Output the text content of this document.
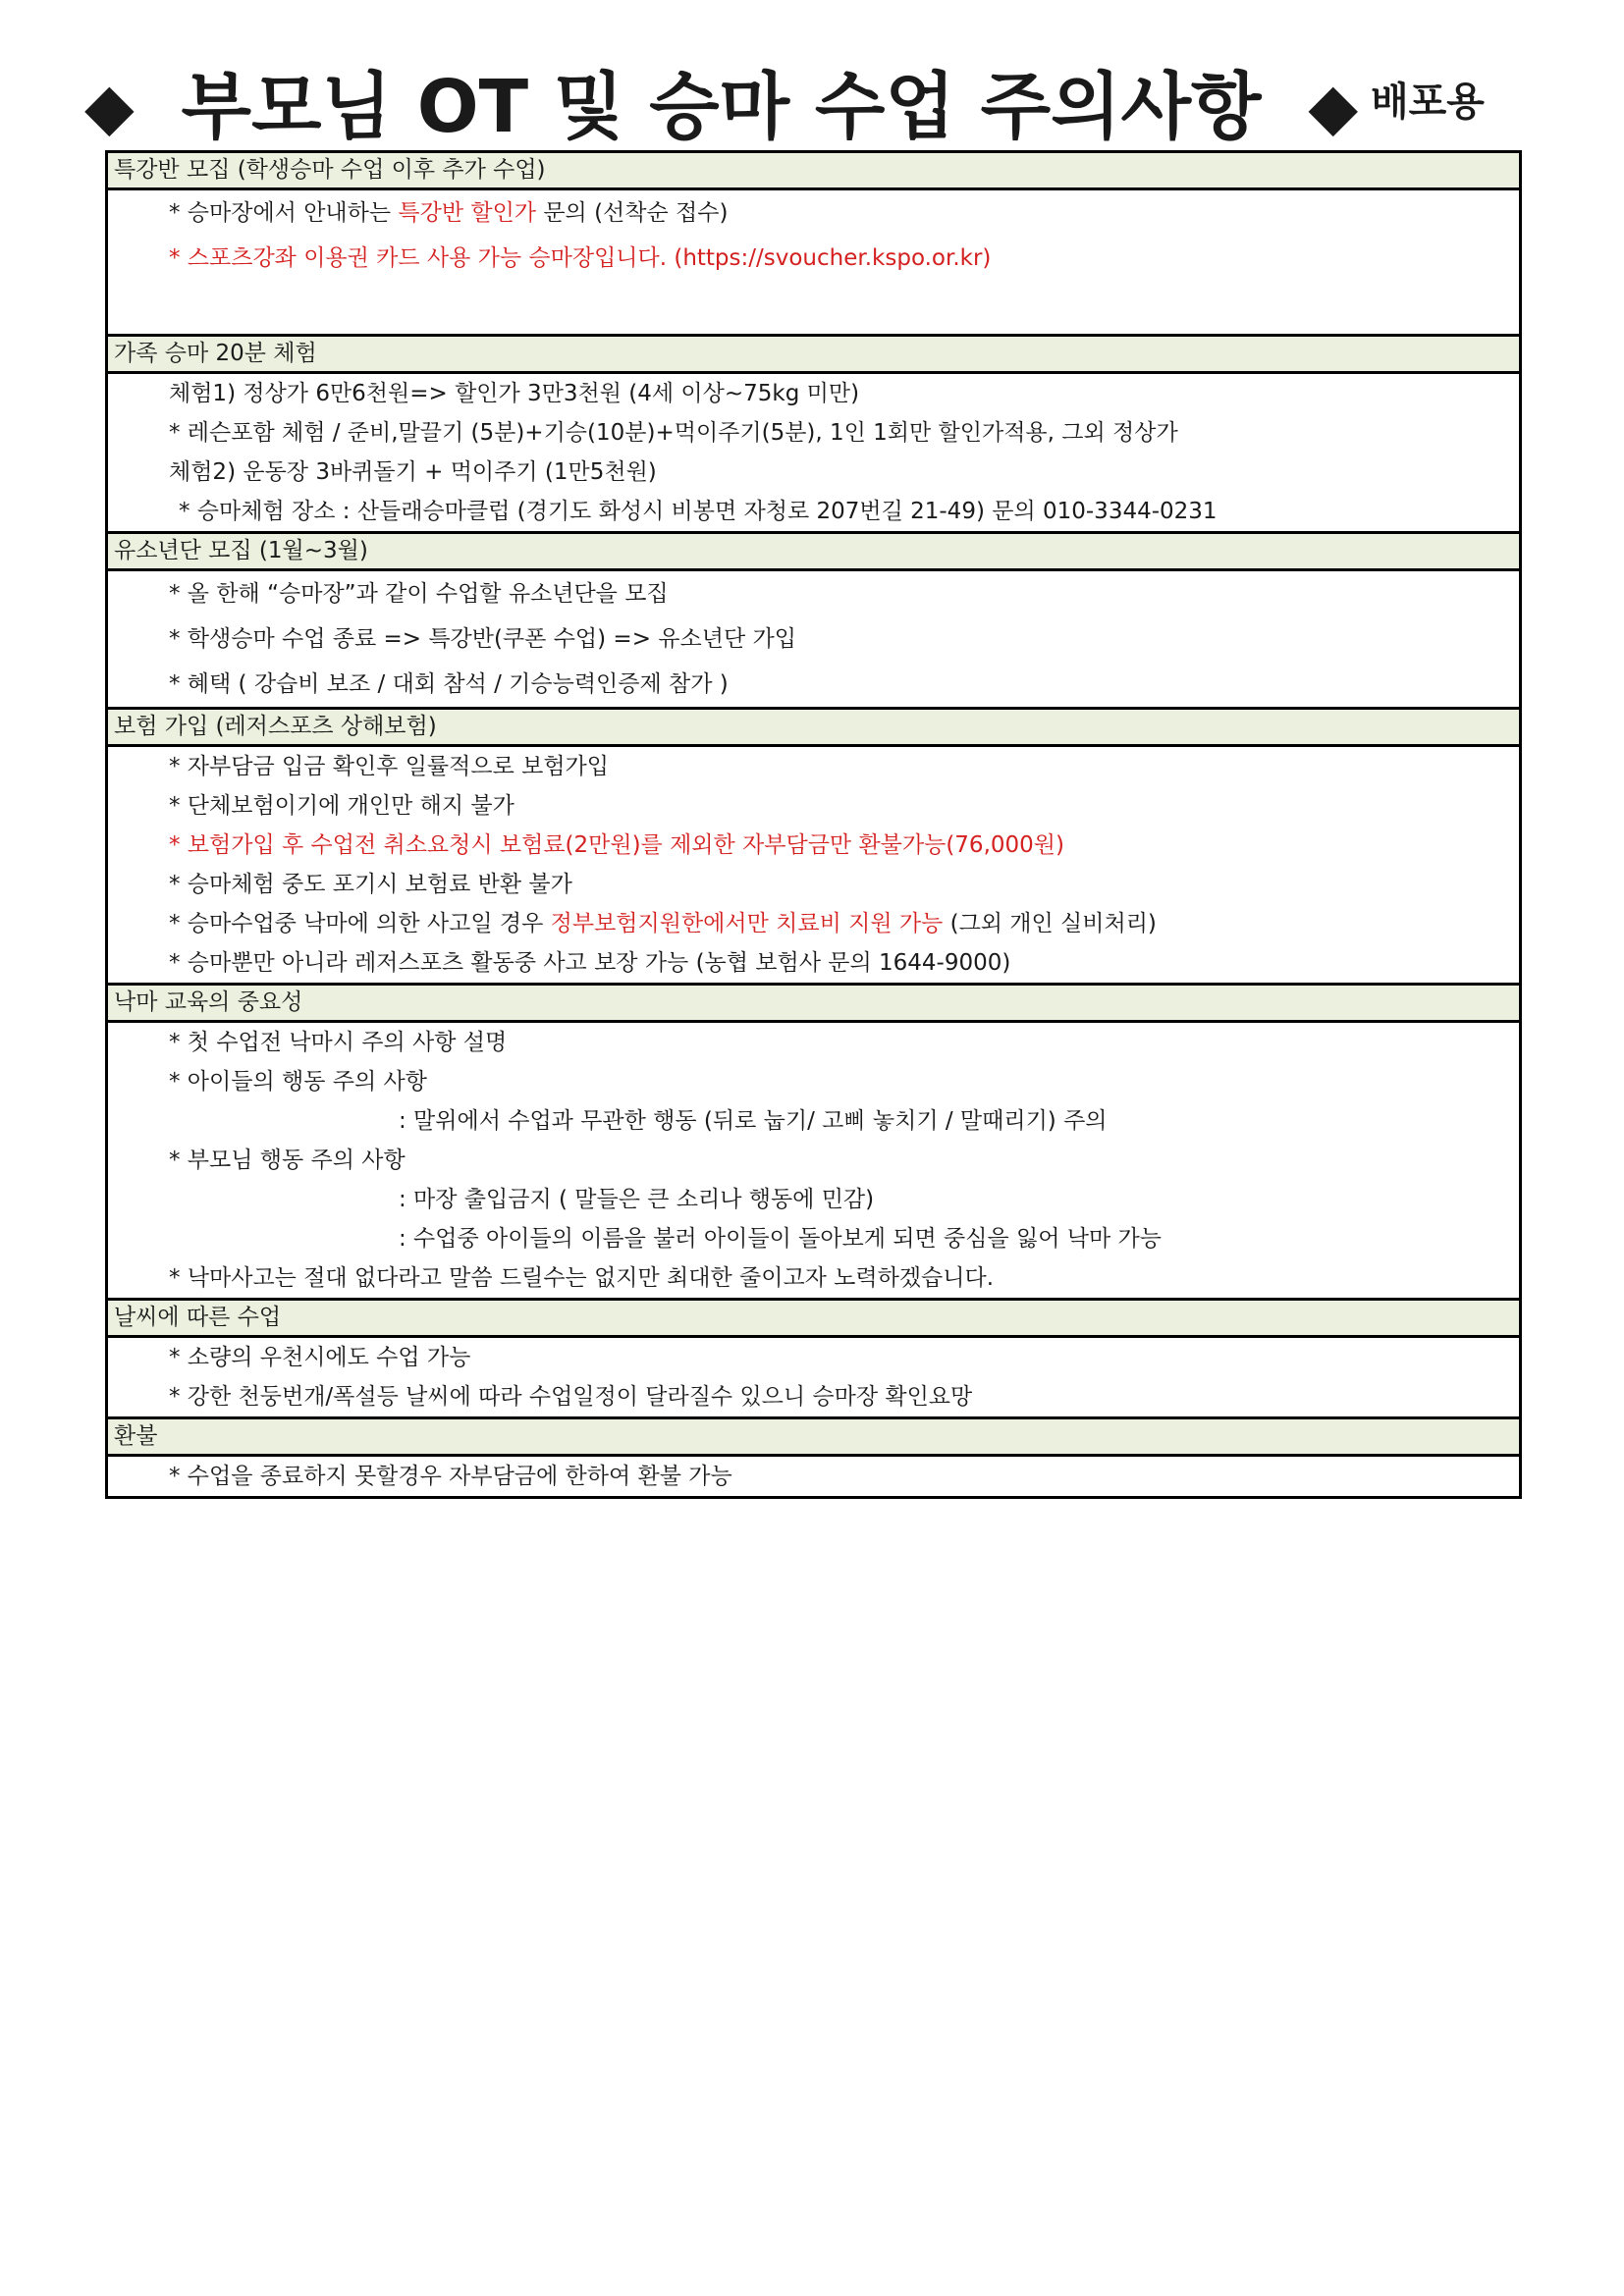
◆ 부모님 OT 및 승마 수업 주의사항 ◆ 배포용
특강반 모집 (학생승마 수업 이후 추가 수업)
* 승마장에서 안내하는 특강반 할인가 문의 (선착순 접수)
* 스포츠강좌 이용권 카드 사용 가능 승마장입니다. (https://svoucher.kspo.or.kr)
가족 승마 20분 체험
체험1) 정상가 6만6천원=> 할인가 3만3천원 (4세 이상~75kg 미만)
* 레슨포함 체험 / 준비,말끌기 (5분)+기승(10분)+먹이주기(5분), 1인 1회만 할인가적용, 그외 정상가
체험2) 운동장 3바퀴돌기 + 먹이주기 (1만5천원)
* 승마체험 장소 : 산들래승마클럽 (경기도 화성시 비봉면 자청로 207번길 21-49) 문의 010-3344-0231
유소년단 모집 (1월~3월)
* 올 한해 “승마장”과 같이 수업할 유소년단을 모집
* 학생승마 수업 종료 => 특강반(쿠폰 수업) => 유소년단 가입
* 혜택 ( 강습비 보조 / 대회 참석 / 기승능력인증제 참가 )
보험 가입 (레저스포츠 상해보험)
* 자부담금 입금 확인후 일률적으로 보험가입
* 단체보험이기에 개인만 해지 불가
* 보험가입 후 수업전 취소요청시 보험료(2만원)를 제외한 자부담금만 환불가능(76,000원)
* 승마체험 중도 포기시 보험료 반환 불가
* 승마수업중 낙마에 의한 사고일 경우 정부보험지원한에서만 치료비 지원 가능 (그외 개인 실비처리)
* 승마뿐만 아니라 레저스포츠 활동중 사고 보장 가능 (농협 보험사 문의 1644-9000)
낙마 교육의 중요성
* 첫 수업전 낙마시 주의 사항 설명
* 아이들의 행동 주의 사항
: 말위에서 수업과 무관한 행동 (뒤로 눕기/ 고삐 놓치기 / 말때리기) 주의
* 부모님 행동 주의 사항
: 마장 출입금지 ( 말들은 큰 소리나 행동에 민감)
: 수업중 아이들의 이름을 불러 아이들이 돌아보게 되면 중심을 잃어 낙마 가능
* 낙마사고는 절대 없다라고 말씀 드릴수는 없지만 최대한 줄이고자 노력하겠습니다.
날씨에 따른 수업
* 소량의 우천시에도 수업 가능
* 강한 천둥번개/폭설등 날씨에 따라 수업일정이 달라질수 있으니 승마장 확인요망
환불
* 수업을 종료하지 못할경우 자부담금에 한하여 환불 가능
